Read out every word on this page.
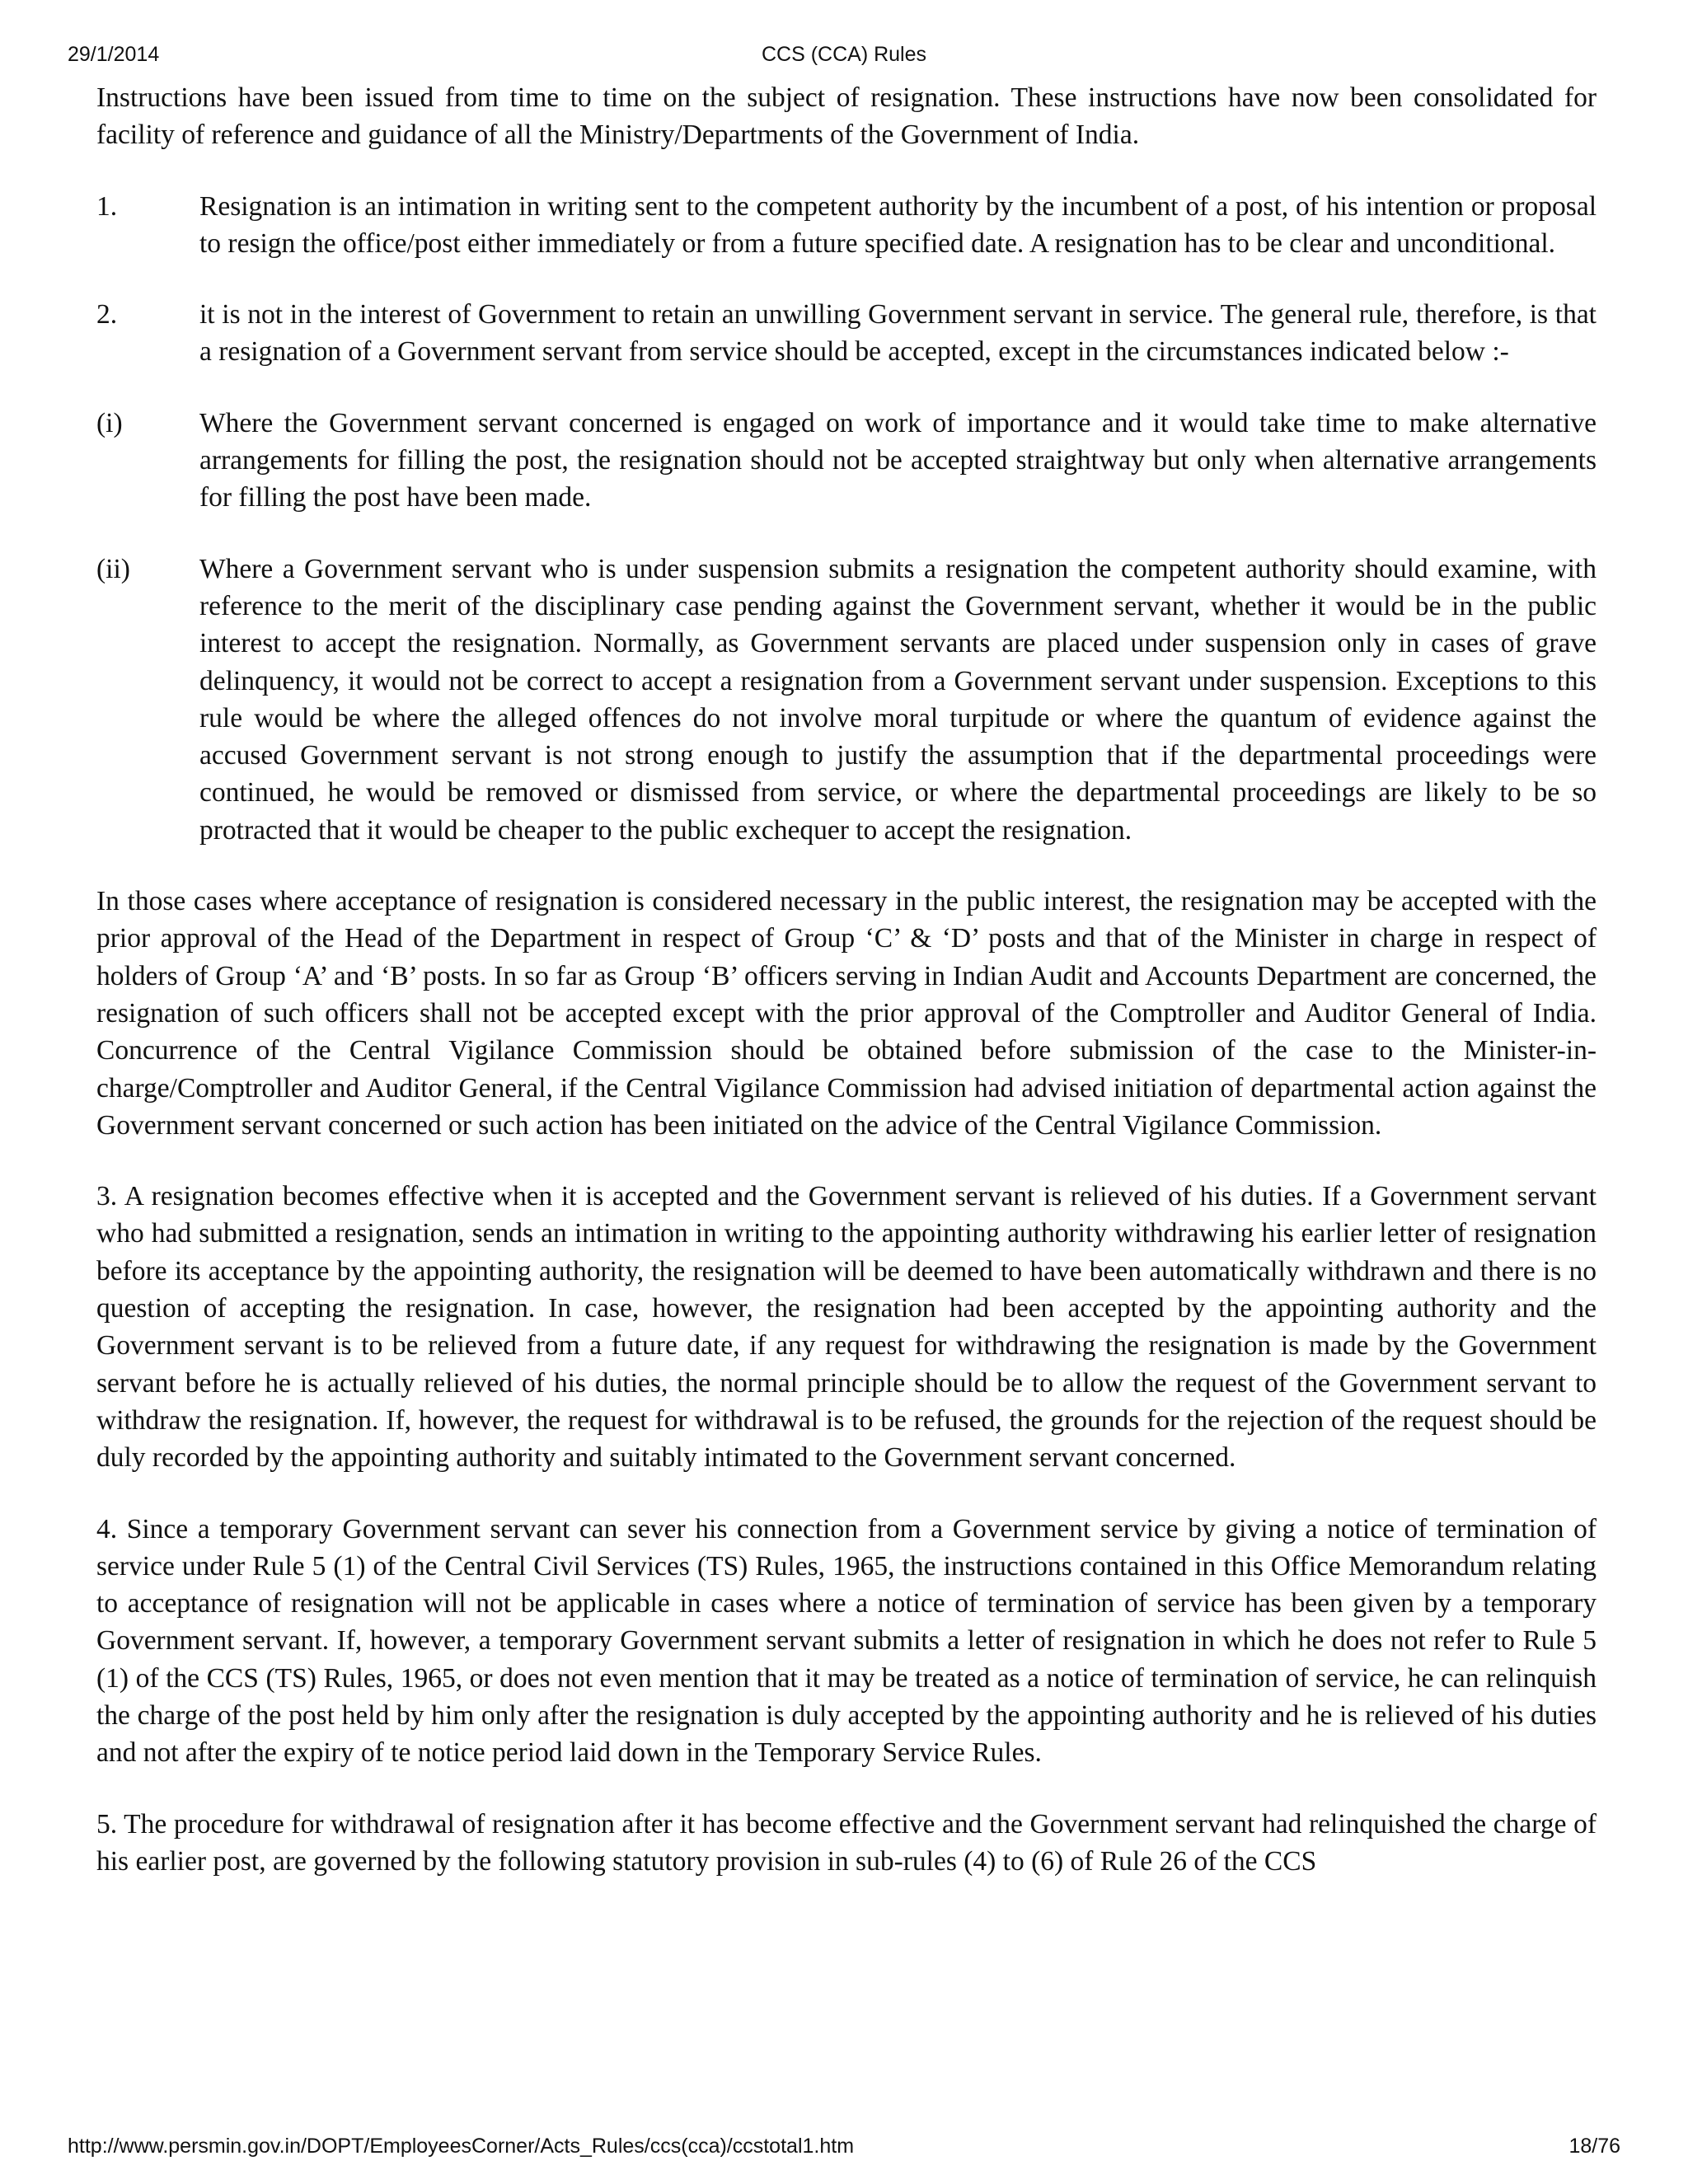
29/1/2014	CCS (CCA) Rules

Instructions have been issued from time to time on the subject of resignation. These instructions have now been consolidated for facility of reference and guidance of all the Ministry/Departments of the Government of India.

1.	Resignation is an intimation in writing sent to the competent authority by the incumbent of a post, of his intention or proposal to resign the office/post either immediately or from a future specified date. A resignation has to be clear and unconditional.
2.	it is not in the interest of Government to retain an unwilling Government servant in service. The general rule, therefore, is that a resignation of a Government servant from service should be accepted, except in the circumstances indicated below :-
(i)	Where the Government servant concerned is engaged on work of importance and it would take time to make alternative arrangements for filling the post, the resignation should not be accepted straightway but only when alternative arrangements for filling the post have been made.
(ii)	Where a Government servant who is under suspension submits a resignation the competent authority should examine, with reference to the merit of the disciplinary case pending against the Government servant, whether it would be in the public interest to accept the resignation. Normally, as Government servants are placed under suspension only in cases of grave delinquency, it would not be correct to accept a resignation from a Government servant under suspension. Exceptions to this rule would be where the alleged offences do not involve moral turpitude or where the quantum of evidence against the accused Government servant is not strong enough to justify the assumption that if the departmental proceedings were continued, he would be removed or dismissed from service, or where the departmental proceedings are likely to be so protracted that it would be cheaper to the public exchequer to accept the resignation.

In those cases where acceptance of resignation is considered necessary in the public interest, the resignation may be accepted with the prior approval of the Head of the Department in respect of Group ‘C’ & ‘D’ posts and that of the Minister in charge in respect of holders of Group ‘A’ and ‘B’ posts. In so far as Group ‘B’ officers serving in Indian Audit and Accounts Department are concerned, the resignation of such officers shall not be accepted except with the prior approval of the Comptroller and Auditor General of India. Concurrence of the Central Vigilance Commission should be obtained before submission of the case to the Minister-in-charge/Comptroller and Auditor General, if the Central Vigilance Commission had advised initiation of departmental action against the Government servant concerned or such action has been initiated on the advice of the Central Vigilance Commission.

3. A resignation becomes effective when it is accepted and the Government servant is relieved of his duties. If a Government servant who had submitted a resignation, sends an intimation in writing to the appointing authority withdrawing his earlier letter of resignation before its acceptance by the appointing authority, the resignation will be deemed to have been automatically withdrawn and there is no question of accepting the resignation. In case, however, the resignation had been accepted by the appointing authority and the Government servant is to be relieved from a future date, if any request for withdrawing the resignation is made by the Government servant before he is actually relieved of his duties, the normal principle should be to allow the request of the Government servant to withdraw the resignation. If, however, the request for withdrawal is to be refused, the grounds for the rejection of the request should be duly recorded by the appointing authority and suitably intimated to the Government servant concerned.

4. Since a temporary Government servant can sever his connection from a Government service by giving a notice of termination of service under Rule 5 (1) of the Central Civil Services (TS) Rules, 1965, the instructions contained in this Office Memorandum relating to acceptance of resignation will not be applicable in cases where a notice of termination of service has been given by a temporary Government servant. If, however, a temporary Government servant submits a letter of resignation in which he does not refer to Rule 5 (1) of the CCS (TS) Rules, 1965, or does not even mention that it may be treated as a notice of termination of service, he can relinquish the charge of the post held by him only after the resignation is duly accepted by the appointing authority and he is relieved of his duties and not after the expiry of te notice period laid down in the Temporary Service Rules.

5. The procedure for withdrawal of resignation after it has become effective and the Government servant had relinquished the charge of his earlier post, are governed by the following statutory provision in sub-rules (4) to (6) of Rule 26 of the CCS

http://www.persmin.gov.in/DOPT/EmployeesCorner/Acts_Rules/ccs(cca)/ccstotal1.htm	18/76
